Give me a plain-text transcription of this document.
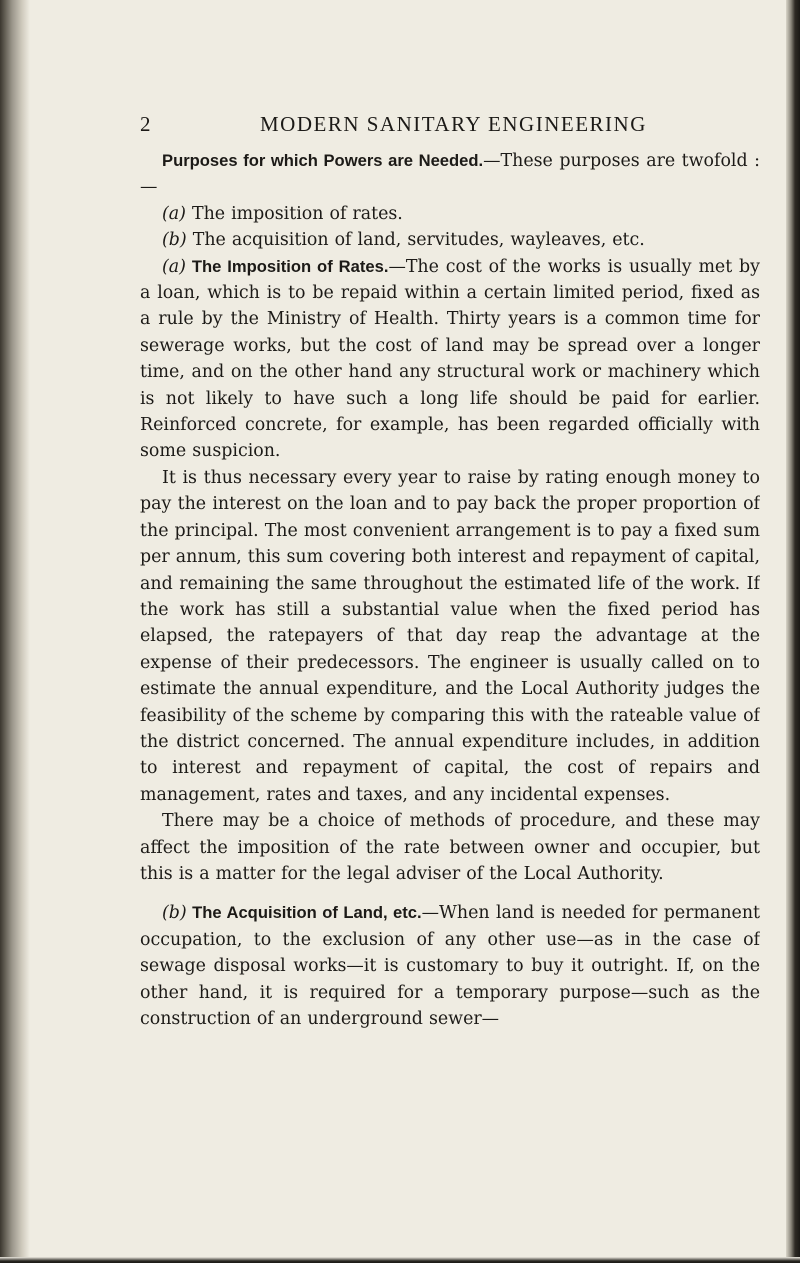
2	MODERN SANITARY ENGINEERING

Purposes for which Powers are Needed.—These purposes are twofold :—

(a) The imposition of rates.

(b) The acquisition of land, servitudes, wayleaves, etc.

(a) The Imposition of Rates.—The cost of the works is usually met by a loan, which is to be repaid within a certain limited period, fixed as a rule by the Ministry of Health. Thirty years is a common time for sewerage works, but the cost of land may be spread over a longer time, and on the other hand any structural work or machinery which is not likely to have such a long life should be paid for earlier. Reinforced concrete, for example, has been regarded officially with some suspicion.

It is thus necessary every year to raise by rating enough money to pay the interest on the loan and to pay back the proper proportion of the principal. The most convenient arrangement is to pay a fixed sum per annum, this sum covering both interest and repayment of capital, and remaining the same throughout the estimated life of the work. If the work has still a substantial value when the fixed period has elapsed, the ratepayers of that day reap the advantage at the expense of their predecessors. The engineer is usually called on to estimate the annual expenditure, and the Local Authority judges the feasibility of the scheme by comparing this with the rateable value of the district concerned. The annual expenditure includes, in addition to interest and repayment of capital, the cost of repairs and management, rates and taxes, and any incidental expenses.

There may be a choice of methods of procedure, and these may affect the imposition of the rate between owner and occupier, but this is a matter for the legal adviser of the Local Authority.

(b) The Acquisition of Land, etc.—When land is needed for permanent occupation, to the exclusion of any other use—as in the case of sewage disposal works—it is customary to buy it outright. If, on the other hand, it is required for a temporary purpose—such as the construction of an underground sewer—
